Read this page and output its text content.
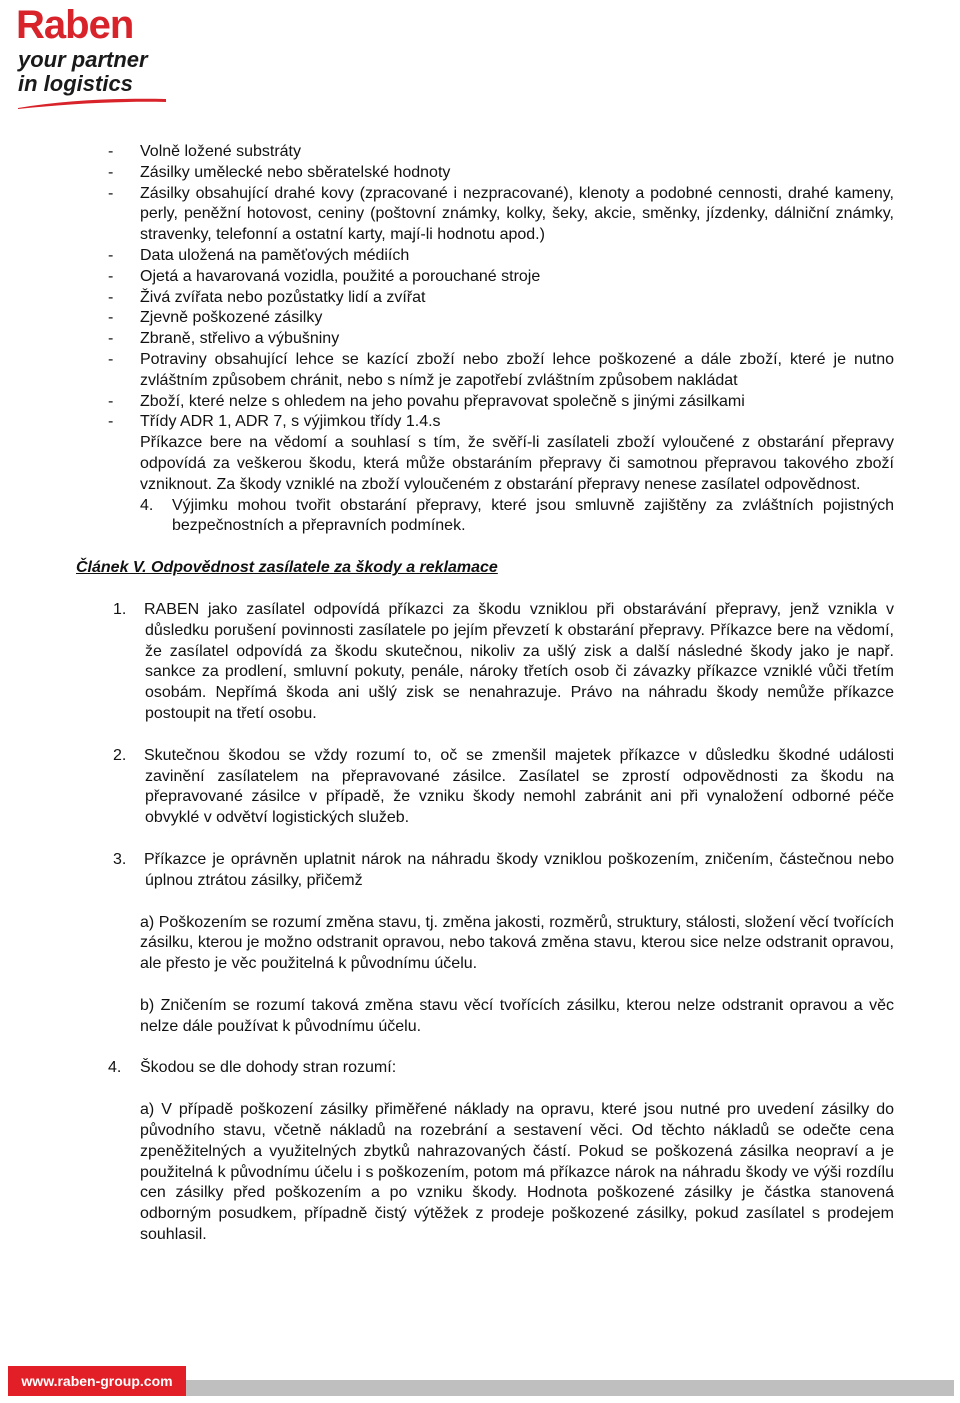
Raben
your partner
in logistics
- Volně ložené substráty
- Zásilky umělecké nebo sběratelské hodnoty
- Zásilky obsahující drahé kovy (zpracované i nezpracované), klenoty a podobné cennosti, drahé kameny, perly, peněžní hotovost, ceniny (poštovní známky, kolky, šeky, akcie, směnky, jízdenky, dálniční známky, stravenky, telefonní a ostatní karty, mají-li hodnotu apod.)
- Data uložená na paměťových médiích
- Ojetá a havarovaná vozidla, použité a porouchané stroje
- Živá zvířata nebo pozůstatky lidí a zvířat
- Zjevně poškozené zásilky
- Zbraně, střelivo a výbušniny
- Potraviny obsahující lehce se kazící zboží nebo zboží lehce poškozené a dále zboží, které je nutno zvláštním způsobem chránit, nebo s nímž je zapotřebí zvláštním způsobem nakládat
- Zboží, které nelze s ohledem na jeho povahu přepravovat společně s jinými zásilkami
- Třídy ADR 1, ADR 7, s výjimkou třídy 1.4.s

Příkazce bere na vědomí a souhlasí s tím, že svěří-li zasílateli zboží vyloučené z obstarání přepravy odpovídá za veškerou škodu, která může obstaráním přepravy či samotnou přepravou takového zboží vzniknout. Za škody vzniklé na zboží vyloučeném z obstarání přepravy nenese zasílatel odpovědnost.

4. Výjimku mohou tvořit obstarání přepravy, které jsou smluvně zajištěny za zvláštních pojistných bezpečnostních a přepravních podmínek.

Článek V. Odpovědnost zasílatele za škody a reklamace

1. RABEN jako zasílatel odpovídá příkazci za škodu vzniklou při obstarávání přepravy, jenž vznikla v důsledku porušení povinnosti zasílatele po jejím převzetí k obstarání přepravy. Příkazce bere na vědomí, že zasílatel odpovídá za škodu skutečnou, nikoliv za ušlý zisk a další následné škody jako je např. sankce za prodlení, smluvní pokuty, penále, nároky třetích osob či závazky příkazce vzniklé vůči třetím osobám. Nepřímá škoda ani ušlý zisk se nenahrazuje. Právo na náhradu škody nemůže příkazce postoupit na třetí osobu.
2. Skutečnou škodou se vždy rozumí to, oč se zmenšil majetek příkazce v důsledku škodné události zavinění zasílatelem na přepravované zásilce. Zasílatel se zprostí odpovědnosti za škodu na přepravované zásilce v případě, že vzniku škody nemohl zabránit ani při vynaložení odborné péče obvyklé v odvětví logistických služeb.
3. Příkazce je oprávněn uplatnit nárok na náhradu škody vzniklou poškozením, zničením, částečnou nebo úplnou ztrátou zásilky, přičemž

a) Poškozením se rozumí změna stavu, tj. změna jakosti, rozměrů, struktury, stálosti, složení věcí tvořících zásilku, kterou je možno odstranit opravou, nebo taková změna stavu, kterou sice nelze odstranit opravou, ale přesto je věc použitelná k původnímu účelu.

b) Zničením se rozumí taková změna stavu věcí tvořících zásilku, kterou nelze odstranit opravou a věc nelze dále používat k původnímu účelu.

4. Škodou se dle dohody stran rozumí:

a) V případě poškození zásilky přiměřené náklady na opravu, které jsou nutné pro uvedení zásilky do původního stavu, včetně nákladů na rozebrání a sestavení věci. Od těchto nákladů se odečte cena zpeněžitelných a využitelných zbytků nahrazovaných částí. Pokud se poškozená zásilka neopraví a je použitelná k původnímu účelu i s poškozením, potom má příkazce nárok na náhradu škody ve výši rozdílu cen zásilky před poškozením a po vzniku škody. Hodnota poškozené zásilky je částka stanovená odborným posudkem, případně čistý výtěžek z prodeje poškozené zásilky, pokud zasílatel s prodejem souhlasil.

www.raben-group.com
